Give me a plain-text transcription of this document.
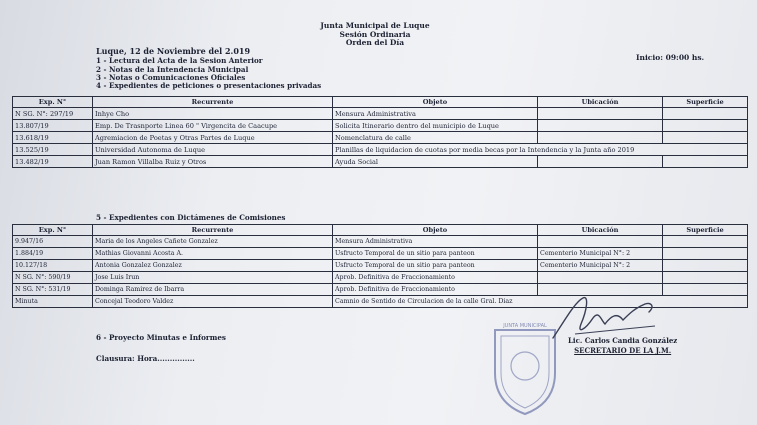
Junta Municipal de Luque
Sesión Ordinaria
Orden del Día
Luque, 12 de Noviembre del 2.019
Inicio: 09:00 hs.
1 - Lectura del Acta de la Sesion Anterior
2 - Notas de la Intendencia Municipal
3 - Notas o Comunicaciones Oficiales
4 - Expedientes de peticiones o presentaciones privadas
Exp. N°	Recurrente	Objeto	Ubicación	Superficie
N SG. N°: 297/19	Inhye Cho	Mensura Administrativa		
13.807/19	Emp. De Trasnporte Linea 60 " Virgencita de Caacupe	Solicita Itinerario dentro del municipio de Luque		
13.618/19	Agremiacion de Poetas y Otras Partes de Luque	Nomenclatura de calle		
13.525/19	Universidad Autonoma de Luque	Planillas de liquidacion de cuotas por media becas por la Intendencia y la Junta año 2019		
13.482/19	Juan Ramon Villalba Ruiz y Otros	Ayuda Social		
5 - Expedientes con Dictámenes de Comisiones
Exp. N°	Recurrente	Objeto	Ubicación	Superficie
9.947/16	Maria de los Angeles Cañete Gonzalez	Mensura Administrativa		
1.884/19	Mathias Giovanni Acosta A.	Usfructo Temporal de un sitio para panteon	Cementerio Municipal N°: 2	
10.127/18	Antonia Gonzalez Gonzalez	Usfructo Temporal de un sitio para panteon	Cementerio Municipal N°: 2	
N SG. N°: 590/19	Jose Luis Irun	Aprob. Definitiva de Fraccionamiento		
N SG. N°: 531/19	Dominga Ramirez de Ibarra	Aprob. Definitiva de Fraccionamiento		
Minuta	Concejal Teodoro Valdez	Camnio de Sentido de Circulacion de la calle Gral. Diaz		
6 - Proyecto Minutas e Informes
Clausura: Hora...............
JUNTA MUNICIPAL
Lic. Carlos Candia González
SECRETARIO DE LA J.M.
